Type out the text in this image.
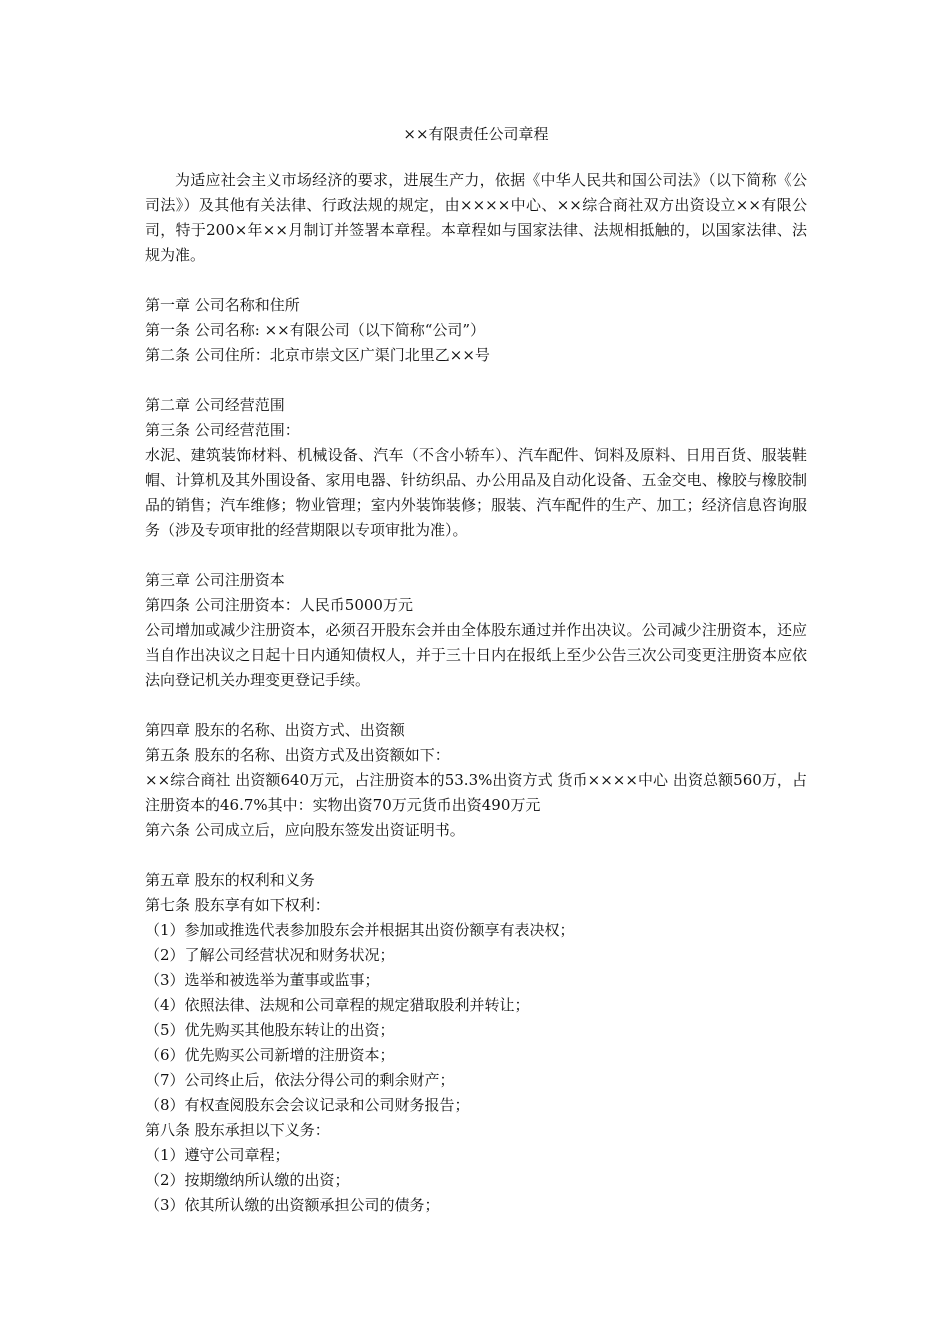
××有限责任公司章程

为适应社会主义市场经济的要求，进展生产力，依据《中华人民共和国公司法》（以下简称《公司法》）及其他有关法律、行政法规的规定，由××××中心、××综合商社双方出资设立××有限公司，特于200×年××月制订并签署本章程。本章程如与国家法律、法规相抵触的，以国家法律、法规为准。

第一章 公司名称和住所

第一条 公司名称: ××有限公司（以下简称“公司”）

第二条 公司住所：北京市崇文区广渠门北里乙××号

第二章 公司经营范围

第三条 公司经营范围：

水泥、建筑装饰材料、机械设备、汽车（不含小轿车）、汽车配件、饲料及原料、日用百货、服装鞋帽、计算机及其外围设备、家用电器、针纺织品、办公用品及自动化设备、五金交电、橡胶与橡胶制品的销售；汽车维修；物业管理；室内外装饰装修；服装、汽车配件的生产、加工；经济信息咨询服务（涉及专项审批的经营期限以专项审批为准）。

第三章 公司注册资本

第四条 公司注册资本：人民币5000万元

公司增加或减少注册资本，必须召开股东会并由全体股东通过并作出决议。公司减少注册资本，还应当自作出决议之日起十日内通知债权人，并于三十日内在报纸上至少公告三次公司变更注册资本应依法向登记机关办理变更登记手续。

第四章 股东的名称、出资方式、出资额

第五条 股东的名称、出资方式及出资额如下：

××综合商社 出资额640万元，占注册资本的53.3%出资方式 货币××××中心 出资总额560万，占注册资本的46.7%其中：实物出资70万元货币出资490万元

第六条 公司成立后，应向股东签发出资证明书。

第五章 股东的权利和义务

第七条 股东享有如下权利：

（1）参加或推选代表参加股东会并根据其出资份额享有表决权；

（2）了解公司经营状况和财务状况；

（3）选举和被选举为董事或监事；

（4）依照法律、法规和公司章程的规定猎取股利并转让；

（5）优先购买其他股东转让的出资；

（6）优先购买公司新增的注册资本；

（7）公司终止后，依法分得公司的剩余财产；

（8）有权查阅股东会会议记录和公司财务报告；

第八条 股东承担以下义务：

（1）遵守公司章程；

（2）按期缴纳所认缴的出资；

（3）依其所认缴的出资额承担公司的债务；
